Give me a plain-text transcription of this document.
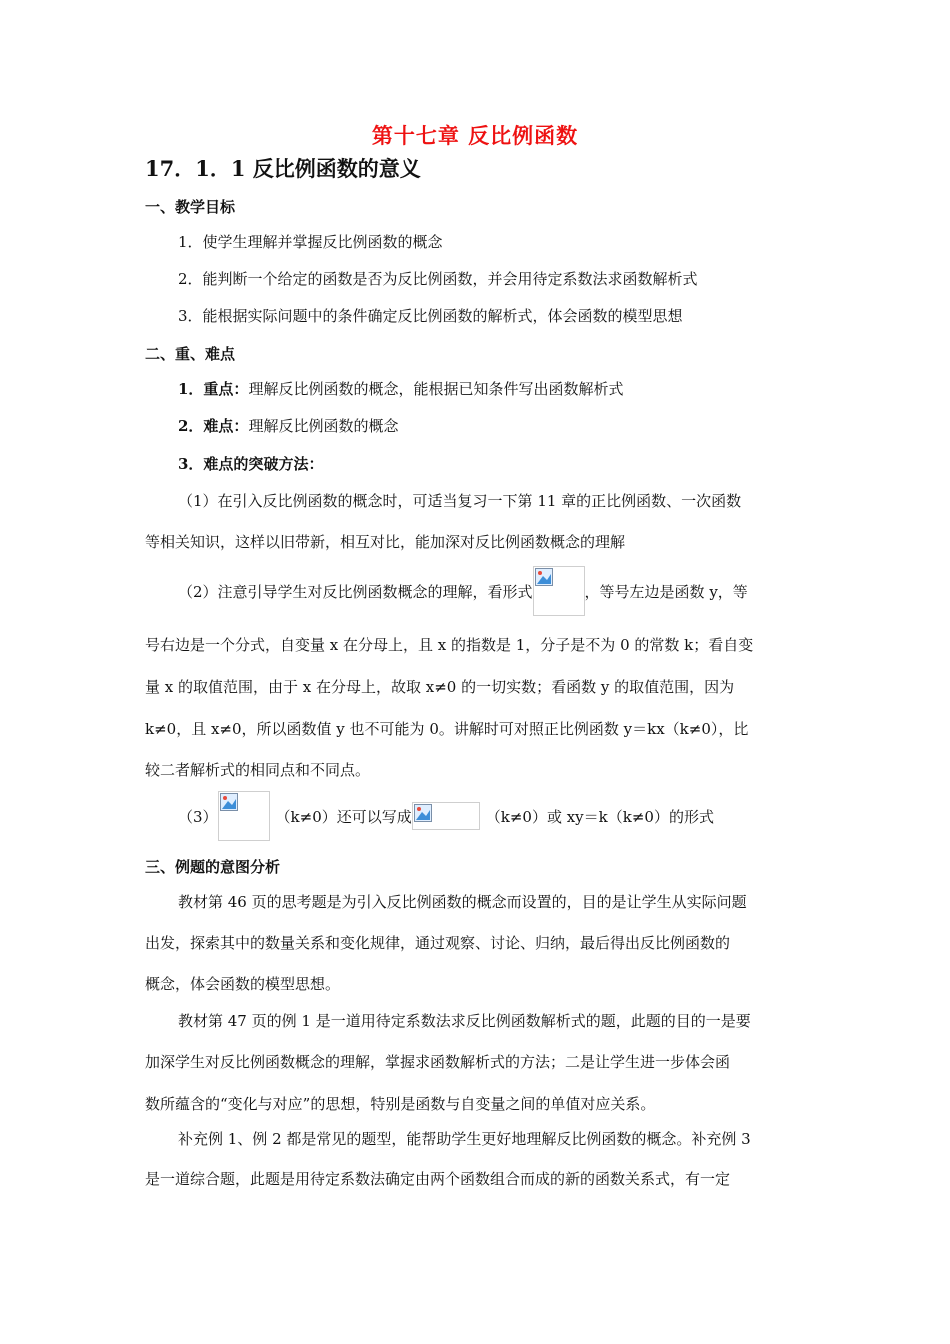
第十七章 反比例函数
17．1．1 反比例函数的意义
一、教学目标
1．使学生理解并掌握反比例函数的概念
2．能判断一个给定的函数是否为反比例函数，并会用待定系数法求函数解析式
3．能根据实际问题中的条件确定反比例函数的解析式，体会函数的模型思想
二、重、难点
1．重点：理解反比例函数的概念，能根据已知条件写出函数解析式
2．难点：理解反比例函数的概念
3．难点的突破方法：
（1）在引入反比例函数的概念时，可适当复习一下第 11 章的正比例函数、一次函数
等相关知识，这样以旧带新，相互对比，能加深对反比例函数概念的理解
（2）注意引导学生对反比例函数概念的理解，看形式	，等号左边是函数 y，等
号右边是一个分式，自变量 x 在分母上，且 x 的指数是 1，分子是不为 0 的常数 k；看自变
量 x 的取值范围，由于 x 在分母上，故取 x≠0 的一切实数；看函数 y 的取值范围，因为
k≠0，且 x≠0，所以函数值 y 也不可能为 0。讲解时可对照正比例函数 y＝kx（k≠0），比
较二者解析式的相同点和不同点。
（3）	（k≠0）还可以写成	（k≠0）或 xy＝k（k≠0）的形式
三、例题的意图分析
教材第 46 页的思考题是为引入反比例函数的概念而设置的，目的是让学生从实际问题
出发，探索其中的数量关系和变化规律，通过观察、讨论、归纳，最后得出反比例函数的
概念，体会函数的模型思想。
教材第 47 页的例 1 是一道用待定系数法求反比例函数解析式的题，此题的目的一是要
加深学生对反比例函数概念的理解，掌握求函数解析式的方法；二是让学生进一步体会函
数所蕴含的“变化与对应”的思想，特别是函数与自变量之间的单值对应关系。
补充例 1、例 2 都是常见的题型，能帮助学生更好地理解反比例函数的概念。补充例 3
是一道综合题，此题是用待定系数法确定由两个函数组合而成的新的函数关系式，有一定
